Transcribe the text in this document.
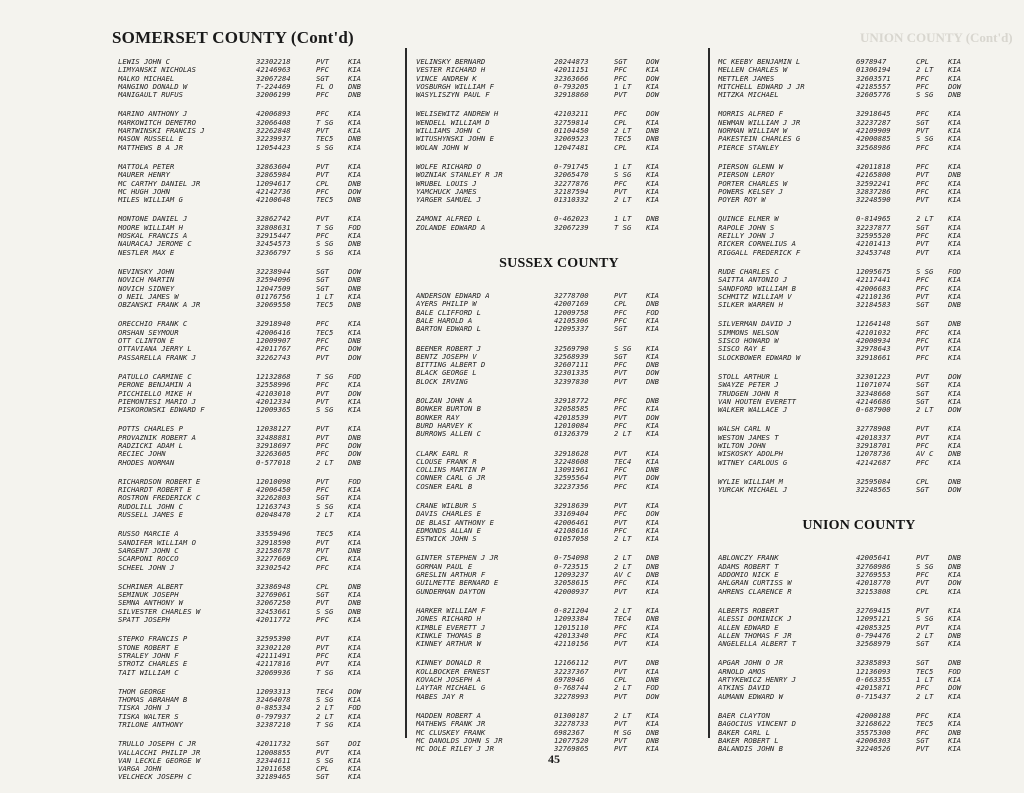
SOMERSET COUNTY (Cont'd)	UNION COUNTY (Cont'd)
LEWIS JOHN C	32302218	PVT	KIA
LIMYANSKI NICHOLAS	42146963	PFC	KIA
MALKO MICHAEL	32067284	SGT	KIA
MANGINO DONALD W	T-224469	FL O	DNB
MANIGAULT RUFUS	32006199	PFC	DNB
MARINO ANTHONY J	42006893	PFC	KIA
MARKOWITCH DEMETRO	32066408	T SG	KIA
MARTWINSKI FRANCIS J	32262848	PVT	KIA
MASON RUSSELL E	32239937	TEC5	DNB
MATTHEWS B A JR	12054423	S SG	KIA
MATTOLA PETER	32863604	PVT	KIA
MAURER HENRY	32865984	PVT	KIA
MC CARTHY DANIEL JR	12094617	CPL	DNB
MC HUGH JOHN	42142736	PFC	DOW
MILES WILLIAM G	42100648	TEC5	DNB
MONTONE DANIEL J	32862742	PVT	KIA
MOORE WILLIAM H	32808631	T SG	FOD
MOSKAL FRANCIS A	32915447	PFC	KIA
NAURACAJ JEROME C	32454573	S SG	DNB
NESTLER MAX E	32366797	S SG	KIA
NEVINSKY JOHN	32238944	SGT	DOW
NOVICH MARTIN	32594096	SGT	DNB
NOVICH SIDNEY	12047509	SGT	DNB
O NEIL JAMES W	01176756	1 LT	KIA
OBZANSKI FRANK A JR	32069550	TEC5	DNB
ORECCHIO FRANK C	32918940	PFC	KIA
ORSHAN SEYMOUR	42006416	TEC5	KIA
OTT CLINTON E	12009907	PFC	DNB
OTTAVIANA JERRY L	42011767	PFC	DOW
PASSARELLA FRANK J	32262743	PVT	DOW
PATULLO CARMINE C	12132868	T SG	FOD
PERONE BENJAMIN A	32558996	PFC	KIA
PICCHIELLO MIKE H	42103010	PVT	DOW
PIEMONTESI MARIO J	42012334	PVT	KIA
PISKOROWSKI EDWARD F	12009365	S SG	KIA
POTTS CHARLES P	12038127	PVT	KIA
PROVAZNIK ROBERT A	32488881	PVT	DNB
RADZICKI ADAM L	32918697	PFC	DOW
RECIEC JOHN	32263605	PFC	DOW
RHODES NORMAN	0-577018	2 LT	DNB
RICHARDSON ROBERT E	12010098	PVT	FOD
RICHARDT ROBERT E	42006450	PFC	KIA
ROSTRON FREDERICK C	32262803	SGT	KIA
RUDOLILL JOHN C	12163743	S SG	KIA
RUSSELL JAMES E	02048470	2 LT	KIA
RUSSO MARCIE A	33559496	TEC5	KIA
SANDIFER WILLIAM O	32918590	PVT	KIA
SARGENT JOHN C	32158678	PVT	DNB
SCARPONI ROCCO	32277669	CPL	KIA
SCHEEL JOHN J	32302542	PFC	KIA
SCHRINER ALBERT	32386948	CPL	DNB
SEMINUK JOSEPH	32769061	SGT	KIA
SEMNA ANTHONY W	32067250	PVT	DNB
SILVESTER CHARLES W	32453661	S SG	DNB
SPATT JOSEPH	42011772	PFC	KIA
STEPKO FRANCIS P	32595390	PVT	KIA
STONE ROBERT E	32302120	PVT	KIA
STRALEY JOHN F	42111491	PFC	KIA
STROTZ CHARLES E	42117816	PVT	KIA
TAIT WILLIAM C	32069936	T SG	KIA
THOM GEORGE	12093313	TEC4	DOW
THOMAS ABRAHAM B	32464078	S SG	KIA
TISKA JOHN J	0-885334	2 LT	FOD
TISKA WALTER S	0-797937	2 LT	KIA
TRILONE ANTHONY	32387210	T SG	KIA
TRULLO JOSEPH C JR	42011732	SGT	DOI
VALLACCHI PHILIP JR	12008855	PVT	KIA
VAN LECKLE GEORGE W	32344611	S SG	KIA
VARGA JOHN	12011658	CPL	KIA
VELCHECK JOSEPH C	32189465	SGT	KIA
VELINSKY BERNARD	20244873	SGT	DOW
VESTER RICHARD H	42011151	PFC	KIA
VINCE ANDREW K	32363666	PFC	DOW
VOSBURGH WILLIAM F	0-793205	1 LT	KIA
WASYLISZYN PAUL F	32918860	PVT	DOW
WELISEWITZ ANDREW H	42103211	PFC	DOW
WENDELL WILLIAM D	32759814	CPL	KIA
WILLIAMS JOHN C	01104450	2 LT	DNB
WITUSHYNSKI JOHN E	32069523	TEC5	DNB
WOLAN JOHN W	12047481	CPL	KIA
WOLFE RICHARD O	0-791745	1 LT	KIA
WOZNIAK STANLEY R JR	32065470	S SG	KIA
WRUBEL LOUIS J	32277876	PFC	KIA
YAMCHUCK JAMES	32187594	PVT	KIA
YARGER SAMUEL J	01310332	2 LT	KIA
ZAMONI ALFRED L	0-462023	1 LT	DNB
ZOLANDE EDWARD A	32067239	T SG	KIA
SUSSEX COUNTY
ANDERSON EDWARD A	32778700	PVT	KIA
AYERS PHILIP W	42007169	CPL	DNB
BALE CLIFFORD L	12009758	PFC	FOD
BALE HAROLD A	42105306	PFC	KIA
BARTON EDWARD L	12095337	SGT	KIA
BEEMER ROBERT J	32569790	S SG	KIA
BENTZ JOSEPH V	32568939	SGT	KIA
BITTING ALBERT D	32607111	PFC	DNB
BLACK GEORGE L	32301335	PVT	DOW
BLOCK IRVING	32397830	PVT	DNB
BOLZAN JOHN A	32918772	PFC	DNB
BONKER BURTON B	32058585	PFC	KIA
BONKER RAY	42018539	PVT	DOW
BURD HARVEY K	12010084	PFC	KIA
BURROWS ALLEN C	01326379	2 LT	KIA
CLARK EARL R	32918628	PVT	KIA
CLOUSE FRANK R	32248608	TEC4	KIA
COLLINS MARTIN P	13091961	PFC	DNB
CONNER CARL G JR	32595564	PVT	DOW
COSNER EARL B	32237356	PFC	KIA
CRANE WILBUR S	32918639	PVT	KIA
DAVIS CHARLES E	33169404	PFC	DOW
DE BLASI ANTHONY E	42006461	PVT	KIA
EDMONDS ALLAN E	42108616	PFC	KIA
ESTWICK JOHN S	01057058	2 LT	KIA
GINTER STEPHEN J JR	0-754098	2 LT	DNB
GORMAN PAUL E	0-723515	2 LT	DNB
GRESLIN ARTHUR F	12093237	AV C	DNB
GUILMETTE BERNARD E	32058615	PFC	KIA
GUNDERMAN DAYTON	42000937	PVT	KIA
HARKER WILLIAM F	0-821204	2 LT	KIA
JONES RICHARD H	12093384	TEC4	DNB
KIMBLE EVERETT J	12015110	PFC	KIA
KINKLE THOMAS B	42013340	PFC	KIA
KINNEY ARTHUR W	42110156	PVT	KIA
KINNEY DONALD R	12166112	PVT	DNB
KOLLBOCKER ERNEST	32237367	PVT	KIA
KOVACH JOSEPH A	6978946	CPL	DNB
LAYTAR MICHAEL G	0-768744	2 LT	FOD
MABES JAY R	32278993	PVT	DOW
MADDEN ROBERT A	01300187	2 LT	KIA
MATHEWS FRANK JR	32278733	PVT	KIA
MC CLUSKEY FRANK	6982367	M SG	DNB
MC DANOLDS JOHN S JR	12077520	PVT	DNB
MC DOLE RILEY J JR	32769865	PVT	KIA
MC KEEBY BENJAMIN L	6978947	CPL	KIA
MELLEN CHARLES W	01306194	2 LT	KIA
METTLER JAMES	32603571	PFC	KIA
MITCHELL EDWARD J JR	42185557	PFC	DOW
MITZKA MICHAEL	32605776	S SG	DNB
MORRIS ALFRED F	32918645	PFC	KIA
NEWMAN WILLIAM J JR	32237287	SGT	KIA
NORMAN WILLIAM W	42109909	PVT	KIA
PAKESTEIN CHARLES G	42000885	S SG	KIA
PIERCE STANLEY	32568986	PFC	KIA
PIERSON GLENN W	42011818	PFC	KIA
PIERSON LEROY	42165800	PVT	DNB
PORTER CHARLES W	32592241	PFC	KIA
POWERS KELSEY J	32837286	PFC	KIA
POYER ROY W	32248590	PVT	KIA
QUINCE ELMER W	0-814965	2 LT	KIA
RAPOLE JOHN S	32237877	SGT	KIA
REILLY JOHN J	32595520	PFC	KIA
RICKER CORNELIUS A	42101413	PVT	KIA
RIGGALL FREDERICK F	32453748	PVT	KIA
RUDE CHARLES C	12095675	S SG	FOD
SAITTA ANTONIO J	42117441	PFC	KIA
SANDFORD WILLIAM B	42006683	PFC	KIA
SCHMITZ WILLIAM V	42110136	PVT	KIA
SILKER WARREN H	32184583	SGT	DNB
SILVERMAN DAVID J	12164148	SGT	DNB
SIMMONS NELSON	42101032	PFC	KIA
SISCO HOWARD W	42000934	PFC	KIA
SISCO RAY E	32978643	PVT	KIA
SLOCKBOWER EDWARD W	32918661	PFC	KIA
STOLL ARTHUR L	32301223	PVT	DOW
SWAYZE PETER J	11071074	SGT	KIA
TRUDGEN JOHN R	32348660	SGT	KIA
VAN HOUTEN EVERETT	42146686	SGT	KIA
WALKER WALLACE J	0-687900	2 LT	DOW
WALSH CARL N	32778908	PVT	KIA
WESTON JAMES T	42018337	PVT	KIA
WILTON JOHN	32918701	PFC	KIA
WISKOSKY ADOLPH	12078736	AV C	DNB
WITNEY CARLOUS G	42142687	PFC	KIA
WYLIE WILLIAM M	32595084	CPL	DNB
YURCAK MICHAEL J	32248565	SGT	DOW
UNION COUNTY
ABLONCZY FRANK	42005641	PVT	DNB
ADAMS ROBERT T	32760986	S SG	DNB
ADDOMIO NICK E	32769553	PFC	KIA
AHLGRAN CURTISS W	42018770	PVT	DOW
AHRENS CLARENCE R	32153808	CPL	KIA
ALBERTS ROBERT	32769415	PVT	KIA
ALESSI DOMINICK J	12095121	S SG	KIA
ALLEN EDWARD E	42085325	PVT	KIA
ALLEN THOMAS F JR	0-794476	2 LT	DNB
ANGELELLA ALBERT T	32568979	SGT	KIA
APGAR JOHN O JR	32385893	SGT	DNB
ARNOLD AMOS	12136093	TEC5	FOD
ARTYKEWICZ HENRY J	0-663355	1 LT	KIA
ATKINS DAVID	42015871	PFC	DOW
AUMANN EDWARD W	0-715437	2 LT	KIA
BAER CLAYTON	42000188	PFC	KIA
BAGOCIUS VINCENT D	32168622	TEC5	KIA
BAKER CARL L	35575300	PFC	DNB
BAKER ROBERT L	42006303	SGT	KIA
BALANDIS JOHN B	32240526	PVT	KIA
45
